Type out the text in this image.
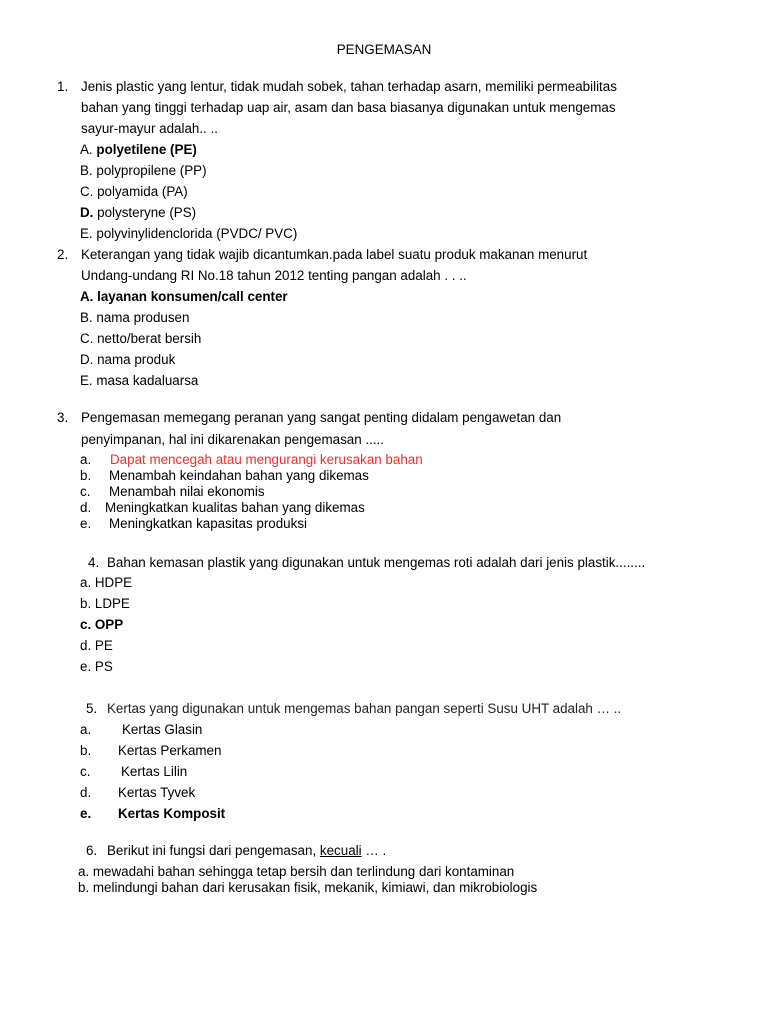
PENGEMASAN
1. Jenis plastic yang lentur, tidak mudah sobek, tahan terhadap asarn, memiliki permeabilitas
bahan yang tinggi terhadap uap air, asam dan basa biasanya digunakan untuk mengemas
sayur-mayur adalah.. ..
A. polyetilene (PE)
B. polypropilene (PP)
C. polyamida (PA)
D. polysteryne (PS)
E. polyvinylidenclorida (PVDC/ PVC)
2. Keterangan yang tidak wajib dicantumkan.pada label suatu produk makanan menurut
Undang-undang RI No.18 tahun 2012 tenting pangan adalah . . ..
A. layanan konsumen/call center
B. nama produsen
C. netto/berat bersih
D. nama produk
E. masa kadaluarsa
3. Pengemasan memegang peranan yang sangat penting didalam pengawetan dan
penyimpanan, hal ini dikarenakan pengemasan .....
a. Dapat mencegah atau mengurangi kerusakan bahan
b. Menambah keindahan bahan yang dikemas
c. Menambah nilai ekonomis
d. Meningkatkan kualitas bahan yang dikemas
e. Meningkatkan kapasitas produksi
4. Bahan kemasan plastik yang digunakan untuk mengemas roti adalah dari jenis plastik........
a. HDPE
b. LDPE
c. OPP
d. PE
e. PS
5. Kertas yang digunakan untuk mengemas bahan pangan seperti Susu UHT adalah … ..
a. Kertas Glasin
b. Kertas Perkamen
c. Kertas Lilin
d. Kertas Tyvek
e. Kertas Komposit
6. Berikut ini fungsi dari pengemasan, kecuali … .
a. mewadahi bahan sehingga tetap bersih dan terlindung dari kontaminan
b. melindungi bahan dari kerusakan fisik, mekanik, kimiawi, dan mikrobiologis
